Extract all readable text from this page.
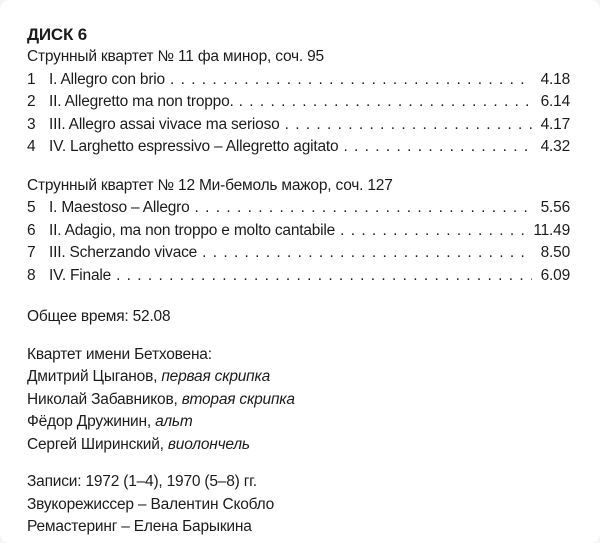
ДИСК 6
Струнный квартет № 11 фа минор, соч. 95
1 I. Allegro con brio . . .	4.18
2 II. Allegretto ma non troppo. . . .	6.14
3 III. Allegro assai vivace ma serioso . . .	4.17
4 IV. Larghetto espressivo – Allegretto agitato . . .	4.32
Струнный квартет № 12 Ми-бемоль мажор, соч. 127
5 I. Maestoso – Allegro . . .	5.56
6 II. Adagio, ma non troppo e molto cantabile . . .	11.49
7 III. Scherzando vivace . . .	8.50
8 IV. Finale . . .	6.09
Общее время: 52.08
Квартет имени Бетховена:
Дмитрий Цыганов, первая скрипка
Николай Забавников, вторая скрипка
Фёдор Дружинин, альт
Сергей Ширинский, виолончель
Записи: 1972 (1–4), 1970 (5–8) гг.
Звукорежиссер – Валентин Скобло
Ремастеринг – Елена Барыкина
